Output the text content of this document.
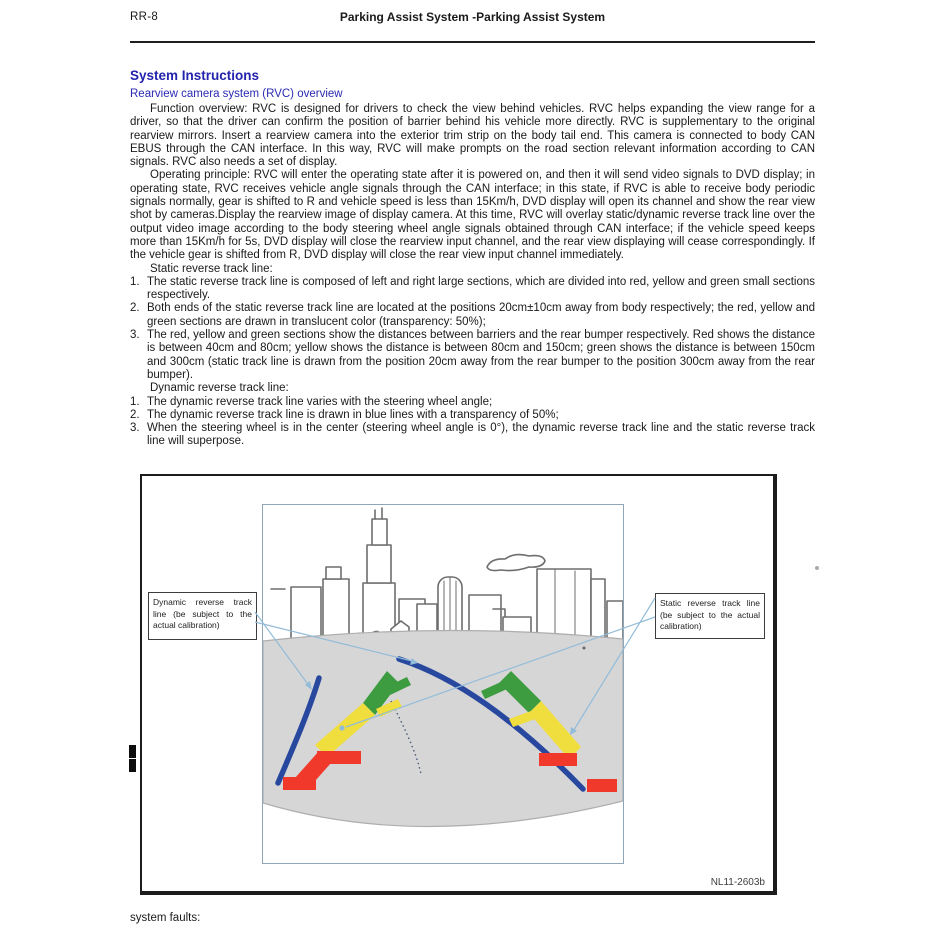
RR-8	Parking Assist System -Parking Assist System
System Instructions
Rearview camera system (RVC) overview

Function overview: RVC is designed for drivers to check the view behind vehicles. RVC helps expanding the view range for a driver, so that the driver can confirm the position of barrier behind his vehicle more directly. RVC is supplementary to the original rearview mirrors. Insert a rearview camera into the exterior trim strip on the body tail end. This camera is connected to body CAN EBUS through the CAN interface. In this way, RVC will make prompts on the road section relevant information according to CAN signals. RVC also needs a set of display.

Operating principle: RVC will enter the operating state after it is powered on, and then it will send video signals to DVD display; in operating state, RVC receives vehicle angle signals through the CAN interface; in this state, if RVC is able to receive body periodic signals normally, gear is shifted to R and vehicle speed is less than 15Km/h, DVD display will open its channel and show the rear view shot by cameras.Display the rearview image of display camera. At this time, RVC will overlay static/dynamic reverse track line over the output video image according to the body steering wheel angle signals obtained through CAN interface; if the vehicle speed keeps more than 15Km/h for 5s, DVD display will close the rearview input channel, and the rear view displaying will cease correspondingly. If the vehicle gear is shifted from R, DVD display will close the rear view input channel immediately.

Static reverse track line:
1. The static reverse track line is composed of left and right large sections, which are divided into red, yellow and green small sections respectively.
2. Both ends of the static reverse track line are located at the positions 20cm±10cm away from body respectively; the red, yellow and green sections are drawn in translucent color (transparency: 50%);
3. The red, yellow and green sections show the distances between barriers and the rear bumper respectively. Red shows the distance is between 40cm and 80cm; yellow shows the distance is between 80cm and 150cm; green shows the distance is between 150cm and 300cm (static track line is drawn from the position 20cm away from the rear bumper to the position 300cm away from the rear bumper).
Dynamic reverse track line:
1. The dynamic reverse track line varies with the steering wheel angle;
2. The dynamic reverse track line is drawn in blue lines with a transparency of 50%;
3. When the steering wheel is in the center (steering wheel angle is 0°), the dynamic reverse track line and the static reverse track line will superpose.
Dynamic reverse track line (be subject to the actual calibration)
Static reverse track line (be subject to the actual calibration)
NL11-2603b
system faults:
